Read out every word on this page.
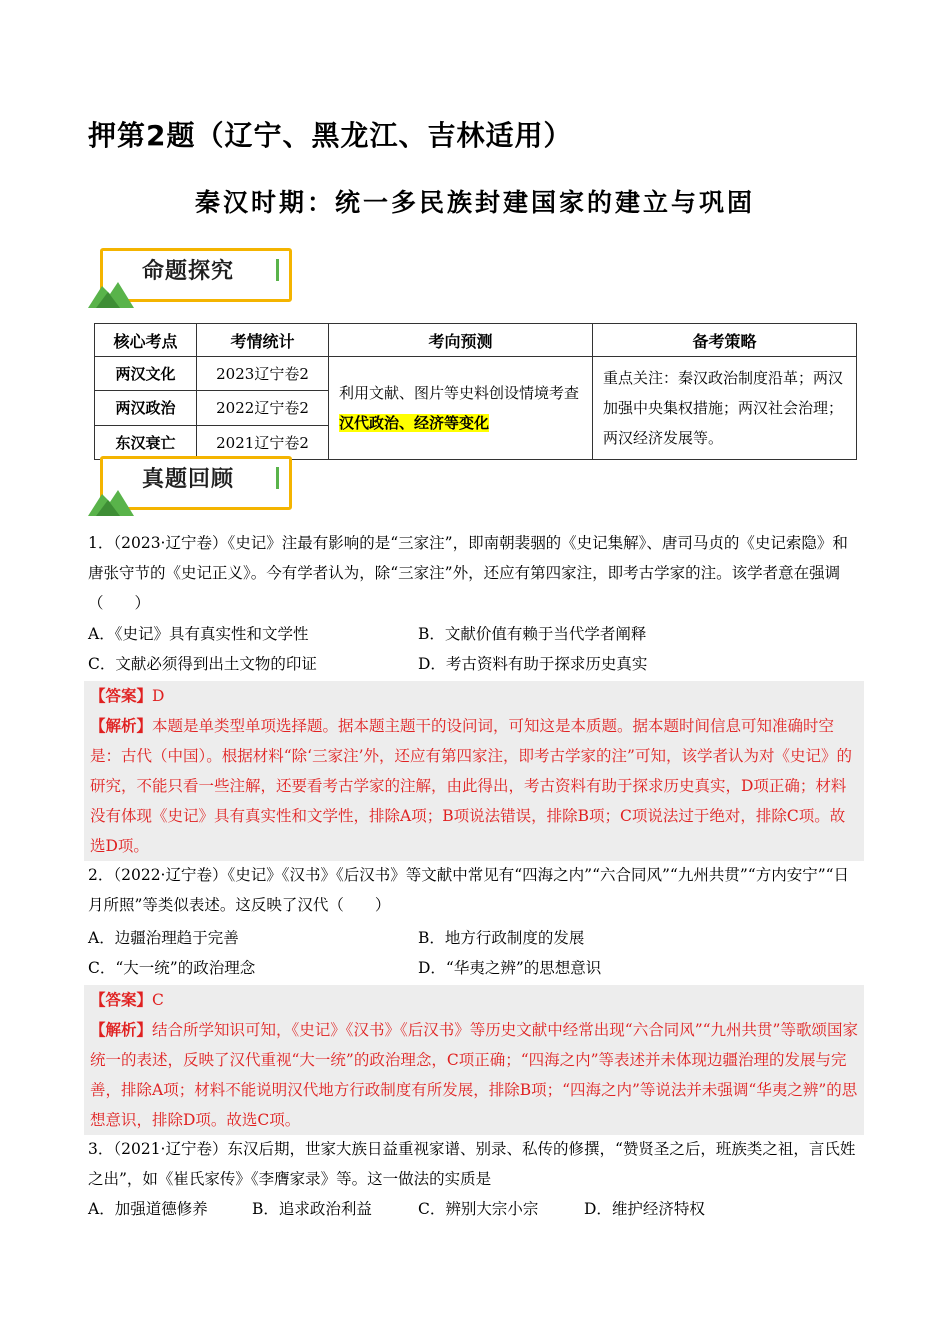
押第2题（辽宁、黑龙江、吉林适用）
秦汉时期：统一多民族封建国家的建立与巩固
命题探究
核心考点	考情统计	考向预测	备考策略
两汉文化	2023辽宁卷2	利用文献、图片等史料创设情境考查汉代政治、经济等变化	重点关注：秦汉政治制度沿革；两汉加强中央集权措施；两汉社会治理；两汉经济发展等。
两汉政治	2022辽宁卷2		
东汉衰亡	2021辽宁卷2		
真题回顾
1．（2023·辽宁卷）《史记》注最有影响的是“三家注”，即南朝裴骃的《史记集解》、唐司马贞的《史记索隐》和唐张守节的《史记正义》。今有学者认为，除“三家注”外，还应有第四家注，即考古学家的注。该学者意在强调（　　）
A．《史记》具有真实性和文学性	B．文献价值有赖于当代学者阐释
C．文献必须得到出土文物的印证	D．考古资料有助于探求历史真实
【答案】D
【解析】本题是单类型单项选择题。据本题主题干的设问词，可知这是本质题。据本题时间信息可知准确时空是：古代（中国）。根据材料“除‘三家注’外，还应有第四家注，即考古学家的注”可知，该学者认为对《史记》的研究，不能只看一些注解，还要看考古学家的注解，由此得出，考古资料有助于探求历史真实，D项正确；材料没有体现《史记》具有真实性和文学性，排除A项；B项说法错误，排除B项；C项说法过于绝对，排除C项。故选D项。
2．（2022·辽宁卷）《史记》《汉书》《后汉书》等文献中常见有“四海之内”“六合同风”“九州共贯”“方内安宁”“日月所照”等类似表述。这反映了汉代（　　）
A．边疆治理趋于完善	B．地方行政制度的发展
C．“大一统”的政治理念	D．“华夷之辨”的思想意识
【答案】C
【解析】结合所学知识可知，《史记》《汉书》《后汉书》等历史文献中经常出现“六合同风”“九州共贯”等歌颂国家统一的表述，反映了汉代重视“大一统”的政治理念，C项正确；“四海之内”等表述并未体现边疆治理的发展与完善，排除A项；材料不能说明汉代地方行政制度有所发展，排除B项；“四海之内”等说法并未强调“华夷之辨”的思想意识，排除D项。故选C项。
3．（2021·辽宁卷）东汉后期，世家大族日益重视家谱、别录、私传的修撰，“赞贤圣之后，班族类之祖，言氏姓之出”，如《崔氏家传》《李膺家录》等。这一做法的实质是
A．加强道德修养	B．追求政治利益	C．辨别大宗小宗	D．维护经济特权
